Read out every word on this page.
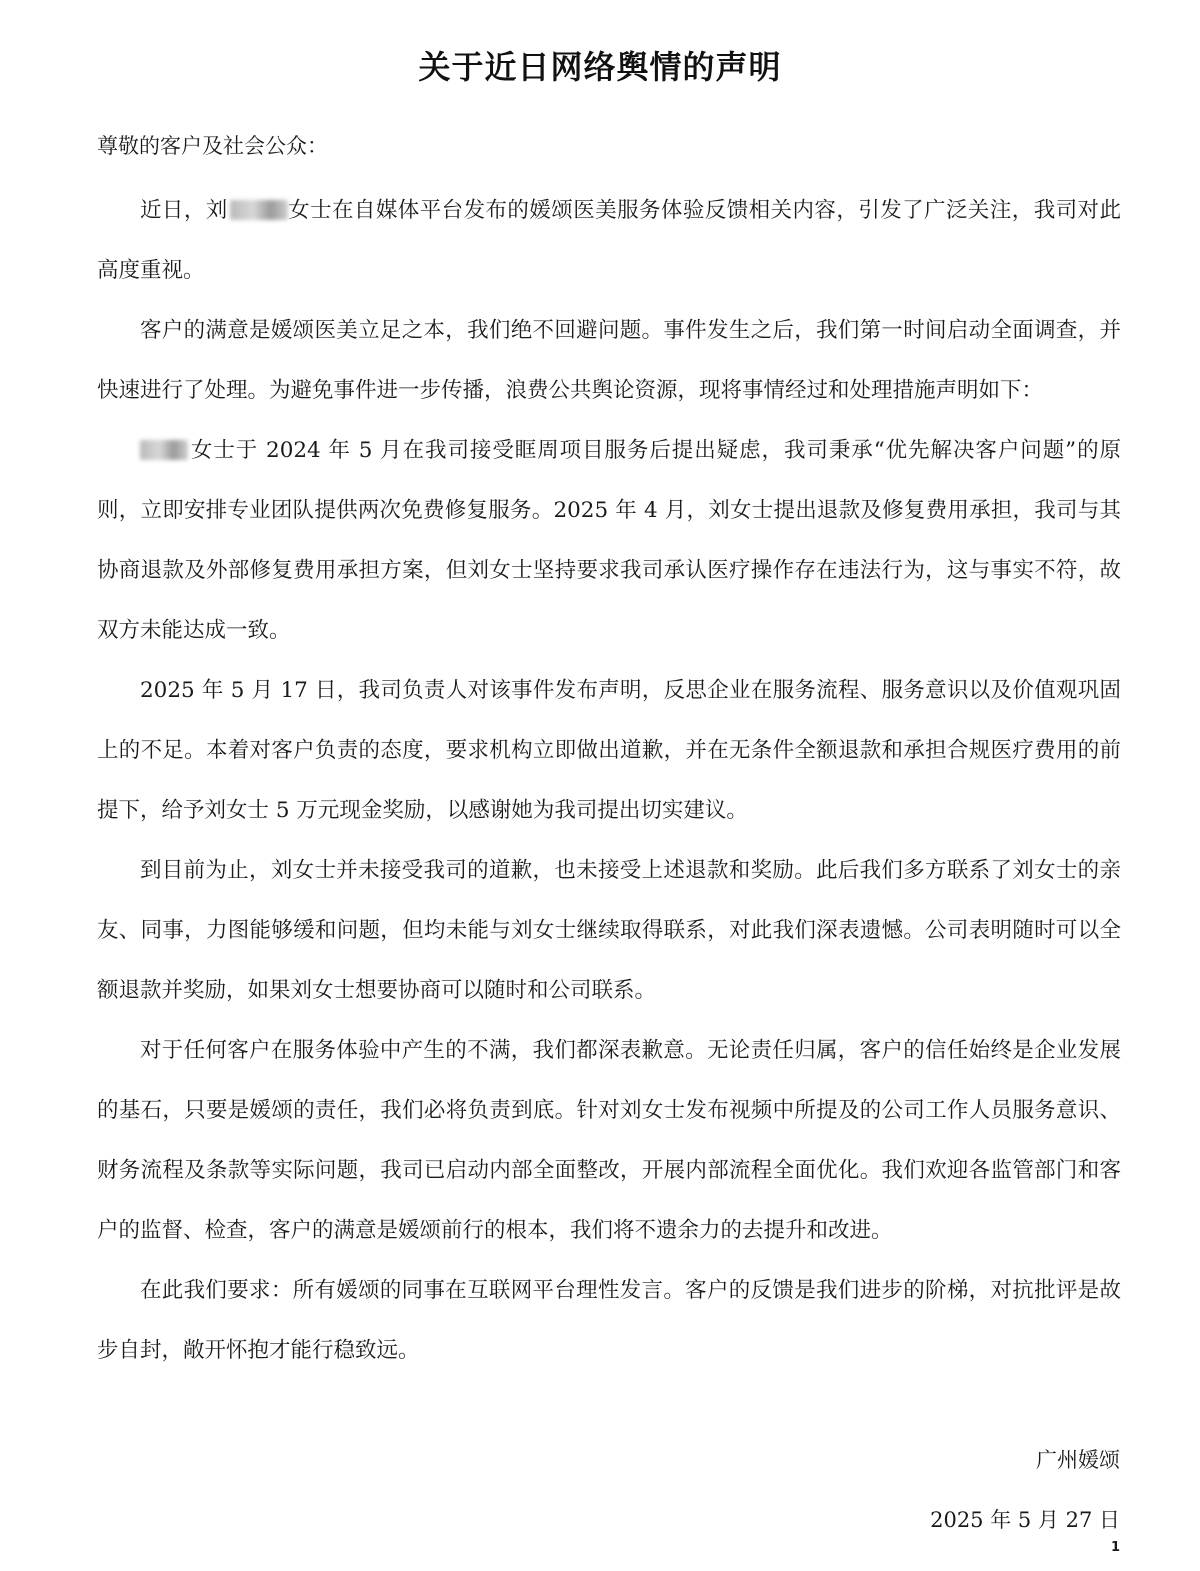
关于近日网络舆情的声明
尊敬的客户及社会公众：

近日，刘	女士在自媒体平台发布的媛颂医美服务体验反馈相关内容，引发了广泛关注，我司对此高度重视。

客户的满意是媛颂医美立足之本，我们绝不回避问题。事件发生之后，我们第一时间启动全面调查，并快速进行了处理。为避免事件进一步传播，浪费公共舆论资源，现将事情经过和处理措施声明如下：

女士于 2024 年 5 月在我司接受眶周项目服务后提出疑虑，我司秉承“优先解决客户问题”的原则，立即安排专业团队提供两次免费修复服务。2025 年 4 月，刘女士提出退款及修复费用承担，我司与其协商退款及外部修复费用承担方案，但刘女士坚持要求我司承认医疗操作存在违法行为，这与事实不符，故双方未能达成一致。

2025 年 5 月 17 日，我司负责人对该事件发布声明，反思企业在服务流程、服务意识以及价值观巩固上的不足。本着对客户负责的态度，要求机构立即做出道歉，并在无条件全额退款和承担合规医疗费用的前提下，给予刘女士 5 万元现金奖励，以感谢她为我司提出切实建议。

到目前为止，刘女士并未接受我司的道歉，也未接受上述退款和奖励。此后我们多方联系了刘女士的亲友、同事，力图能够缓和问题，但均未能与刘女士继续取得联系，对此我们深表遗憾。公司表明随时可以全额退款并奖励，如果刘女士想要协商可以随时和公司联系。

对于任何客户在服务体验中产生的不满，我们都深表歉意。无论责任归属，客户的信任始终是企业发展的基石，只要是媛颂的责任，我们必将负责到底。针对刘女士发布视频中所提及的公司工作人员服务意识、财务流程及条款等实际问题，我司已启动内部全面整改，开展内部流程全面优化。我们欢迎各监管部门和客户的监督、检查，客户的满意是媛颂前行的根本，我们将不遗余力的去提升和改进。

在此我们要求：所有媛颂的同事在互联网平台理性发言。客户的反馈是我们进步的阶梯，对抗批评是故步自封，敞开怀抱才能行稳致远。

广州媛颂
2025 年 5 月 27 日
1
